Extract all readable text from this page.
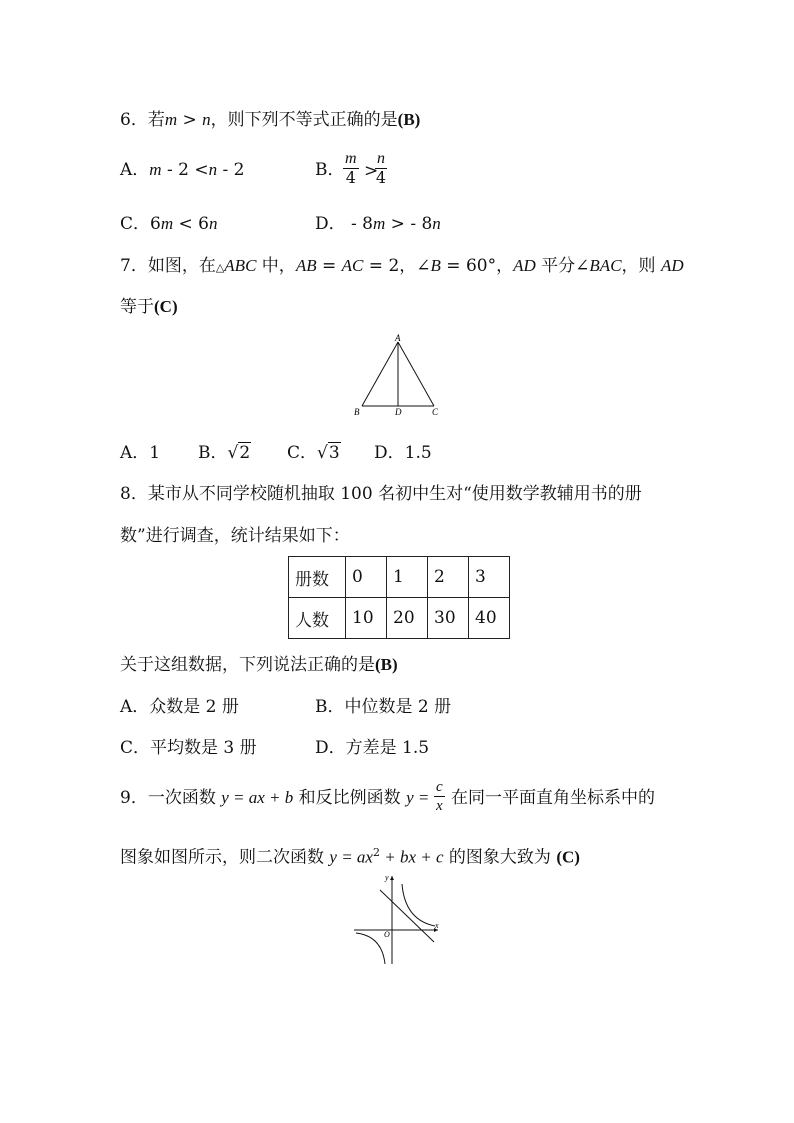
6．若m > n，则下列不等式正确的是(B)
A．m - 2 <n - 2	B．
$\frac{m}{4}$ >
$\frac{n}{4}$
C．6m < 6n	D． - 8m > - 8n
7．如图，在△ABC 中，AB = AC = 2，∠B = 60°，AD 平分∠BAC，则 AD
等于(C)
A
B	D	C
A．1 B．√2 C．√3 D．1.5
8．某市从不同学校随机抽取 100 名初中生对“使用数学教辅用书的册
数”进行调查，统计结果如下：
册数	0	1	2	3
人数	10	20	30	40
关于这组数据，下列说法正确的是(B)
A．众数是 2 册	B．中位数是 2 册
C．平均数是 3 册	D．方差是 1.5
9．一次函数 y = ax + b 和反比例函数 $y = \frac{c}{x}$ 在同一平面直角坐标系中的
图象如图所示，则二次函数 $y = ax^2$ + bx + c 的图象大致为 (C)
y
x
O
